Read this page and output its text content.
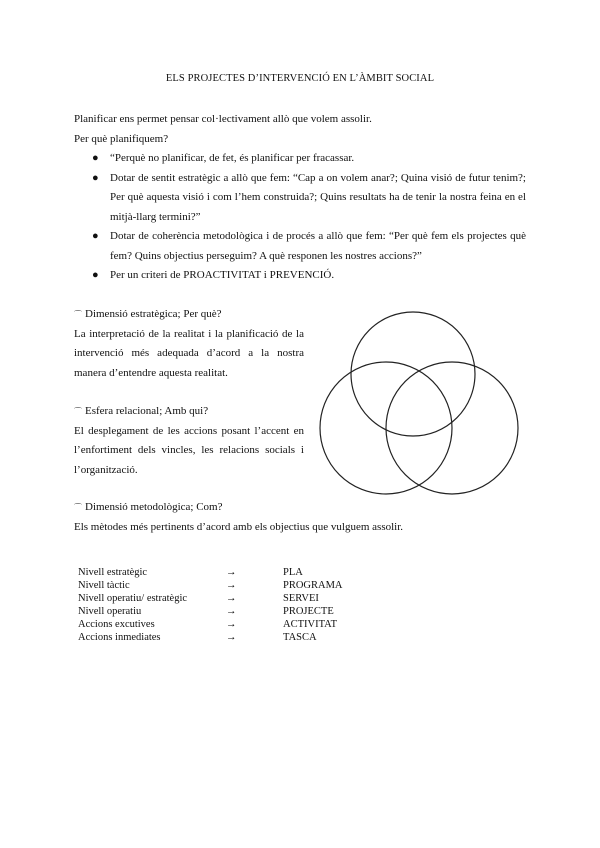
ELS PROJECTES D’INTERVENCIÓ EN L’ÀMBIT SOCIAL
Planificar ens permet pensar col·lectivament allò que volem assolir.
Per què planifiquem?
● “Perquè no planificar, de fet, és planificar per fracassar.
● Dotar de sentit estratègic a allò que fem: “Cap a on volem anar?; Quina visió de futur tenim?; Per què aquesta visió i com l’hem construida?; Quins resultats ha de tenir la nostra feina en el mitjà-llarg termini?”
● Dotar de coherència metodològica i de procés a allò que fem: “Per què fem els projectes què fem? Quins objectius perseguim? A què responen les nostres accions?”
● Per un criteri de PROACTIVITAT i PREVENCIÓ.
⌒ Dimensió estratègica; Per què?
La interpretació de la realitat i la planificació de la intervenció més adequada d’acord a la nostra manera d’entendre aquesta realitat.
⌒ Esfera relacional; Amb qui?
El desplegament de les accions posant l’accent en l’enfortiment dels vincles, les relacions socials i l’organització.
⌒ Dimensió metodològica; Com?
Els mètodes més pertinents d’acord amb els objectius que vulguem assolir.
Nivell estratègic	→	PLA
Nivell tàctic	→	PROGRAMA
Nivell operatiu/ estratègic	→	SERVEI
Nivell operatiu	→	PROJECTE
Accions excutives	→	ACTIVITAT
Accions inmediates	→	TASCA
